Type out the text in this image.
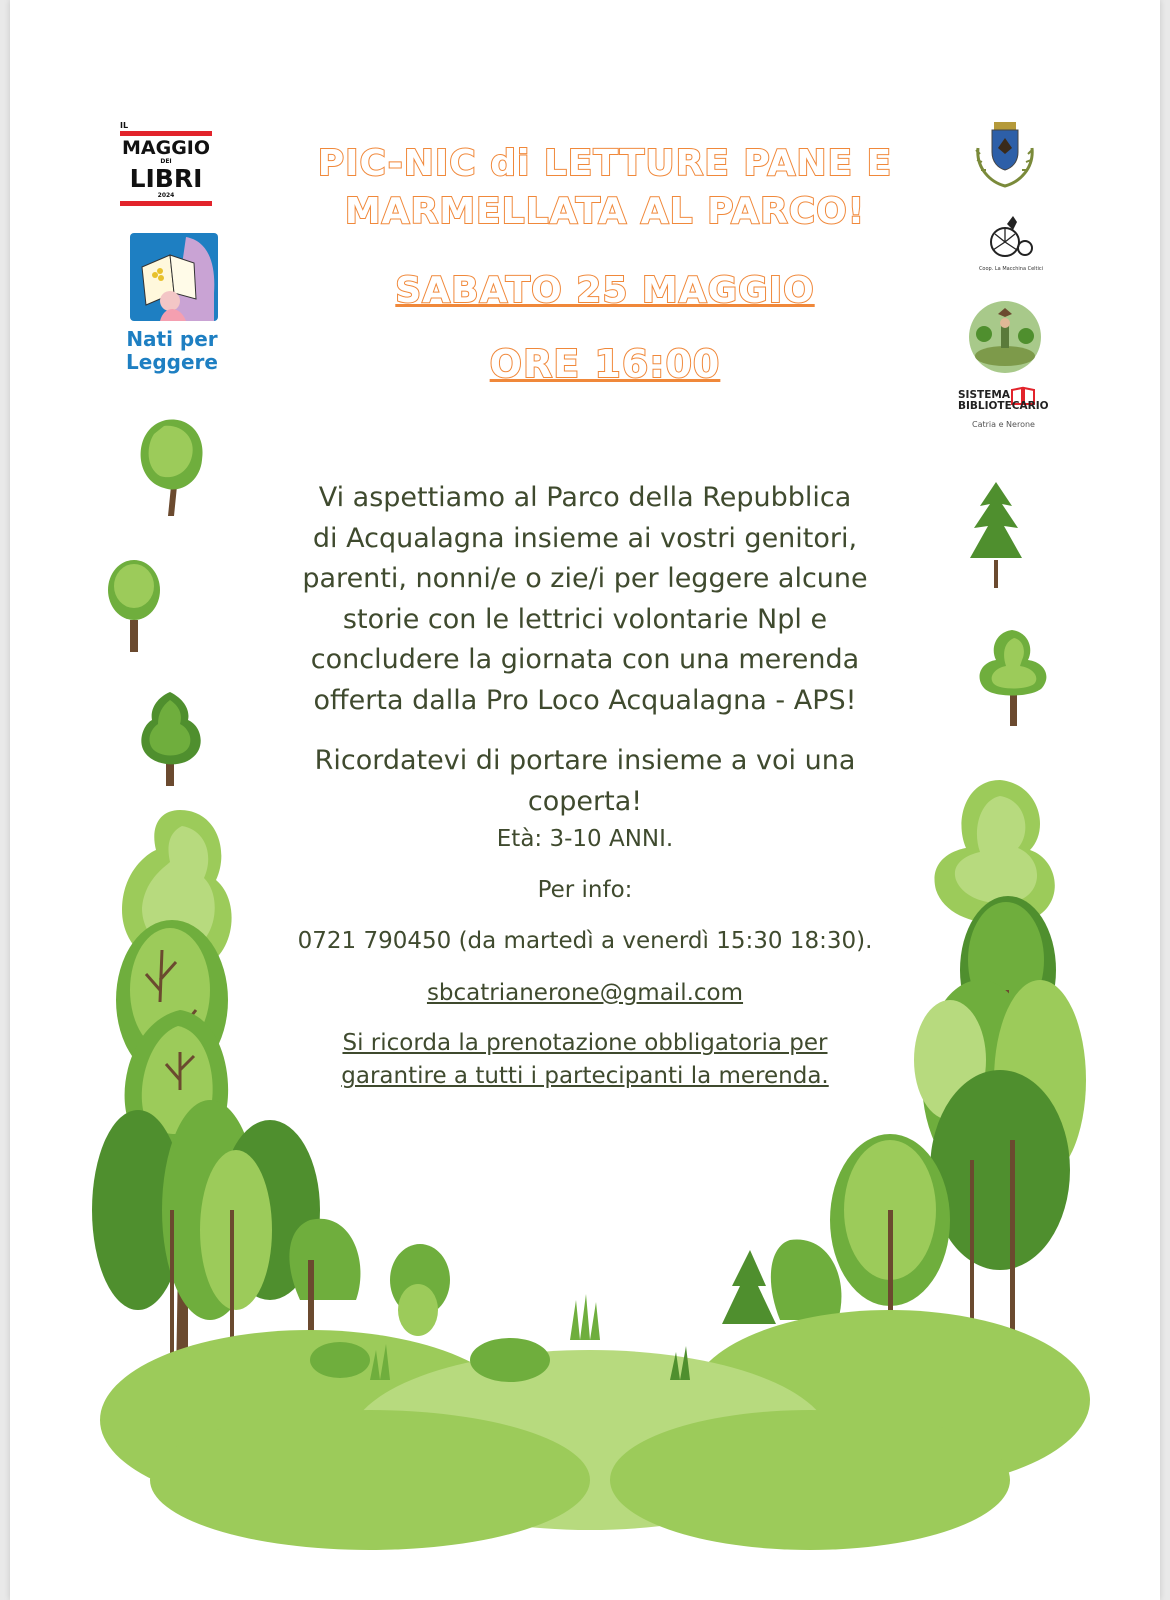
IL
MAGGIO
DEI
LIBRI
2024
Nati per
Leggere
Coop. La Macchina Celtici
SISTEMA
BIBLIOTECARIO
Catria e Nerone
PIC-NIC di LETTURE PANE E
MARMELLATA AL PARCO!
SABATO 25 MAGGIO
ORE 16:00
Vi aspettiamo al Parco della Repubblica
di Acqualagna insieme ai vostri genitori,
parenti, nonni/e o zie/i per leggere alcune
storie con le lettrici volontarie Npl e
concludere la giornata con una merenda
offerta dalla Pro Loco Acqualagna - APS!
Ricordatevi di portare insieme a voi una
coperta!
Età: 3-10 ANNI.
Per info:
0721 790450 (da martedì a venerdì 15:30 18:30).
sbcatrianerone@gmail.com
Si ricorda la prenotazione obbligatoria per
garantire a tutti i partecipanti la merenda.
